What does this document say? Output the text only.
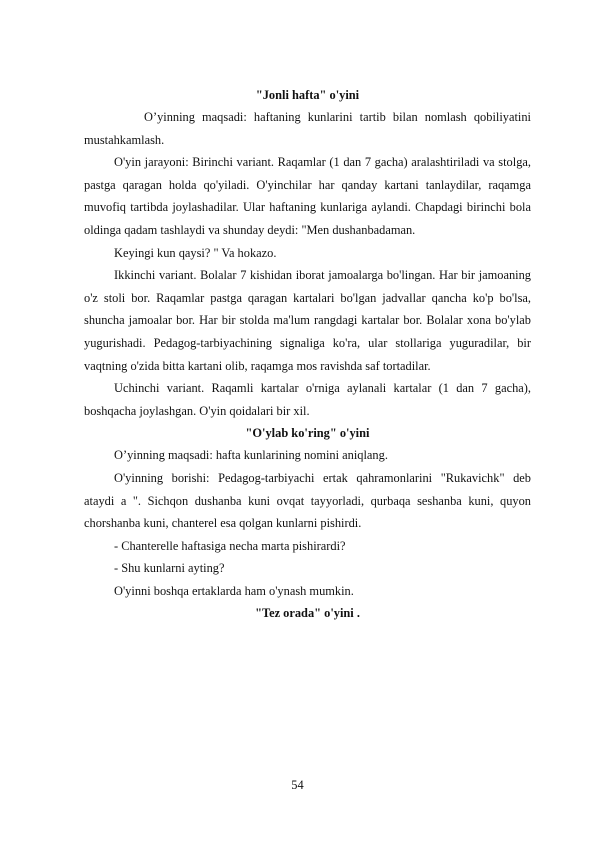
"Jonli hafta" o'yini

O’yinning maqsadi: haftaning kunlarini tartib bilan nomlash qobiliyatini mustahkamlash.

O'yin jarayoni: Birinchi variant. Raqamlar (1 dan 7 gacha) aralashtiriladi va stolga, pastga qaragan holda qo'yiladi. O'yinchilar har qanday kartani tanlaydilar, raqamga muvofiq tartibda joylashadilar. Ular haftaning kunlariga aylandi. Chapdagi birinchi bola oldinga qadam tashlaydi va shunday deydi: "Men dushanbadaman.

Keyingi kun qaysi? " Va hokazo.

Ikkinchi variant. Bolalar 7 kishidan iborat jamoalarga bo'lingan. Har bir jamoaning o'z stoli bor. Raqamlar pastga qaragan kartalari bo'lgan jadvallar qancha ko'p bo'lsa, shuncha jamoalar bor. Har bir stolda ma'lum rangdagi kartalar bor. Bolalar xona bo'ylab yugurishadi. Pedagog-tarbiyachining signaliga ko'ra, ular stollariga yuguradilar, bir vaqtning o'zida bitta kartani olib, raqamga mos ravishda saf tortadilar.

Uchinchi variant. Raqamli kartalar o'rniga aylanali kartalar (1 dan 7 gacha), boshqacha joylashgan. O'yin qoidalari bir xil.

"O'ylab ko'ring" o'yini

O’yinning maqsadi: hafta kunlarining nomini aniqlang.

O'yinning borishi: Pedagog-tarbiyachi ertak qahramonlarini "Rukavichk" deb ataydi a ". Sichqon dushanba kuni ovqat tayyorladi, qurbaqa seshanba kuni, quyon chorshanba kuni, chanterel esa qolgan kunlarni pishirdi.

- Chanterelle haftasiga necha marta pishirardi?

- Shu kunlarni ayting?

O'yinni boshqa ertaklarda ham o'ynash mumkin.

"Tez orada" o'yini .
54
